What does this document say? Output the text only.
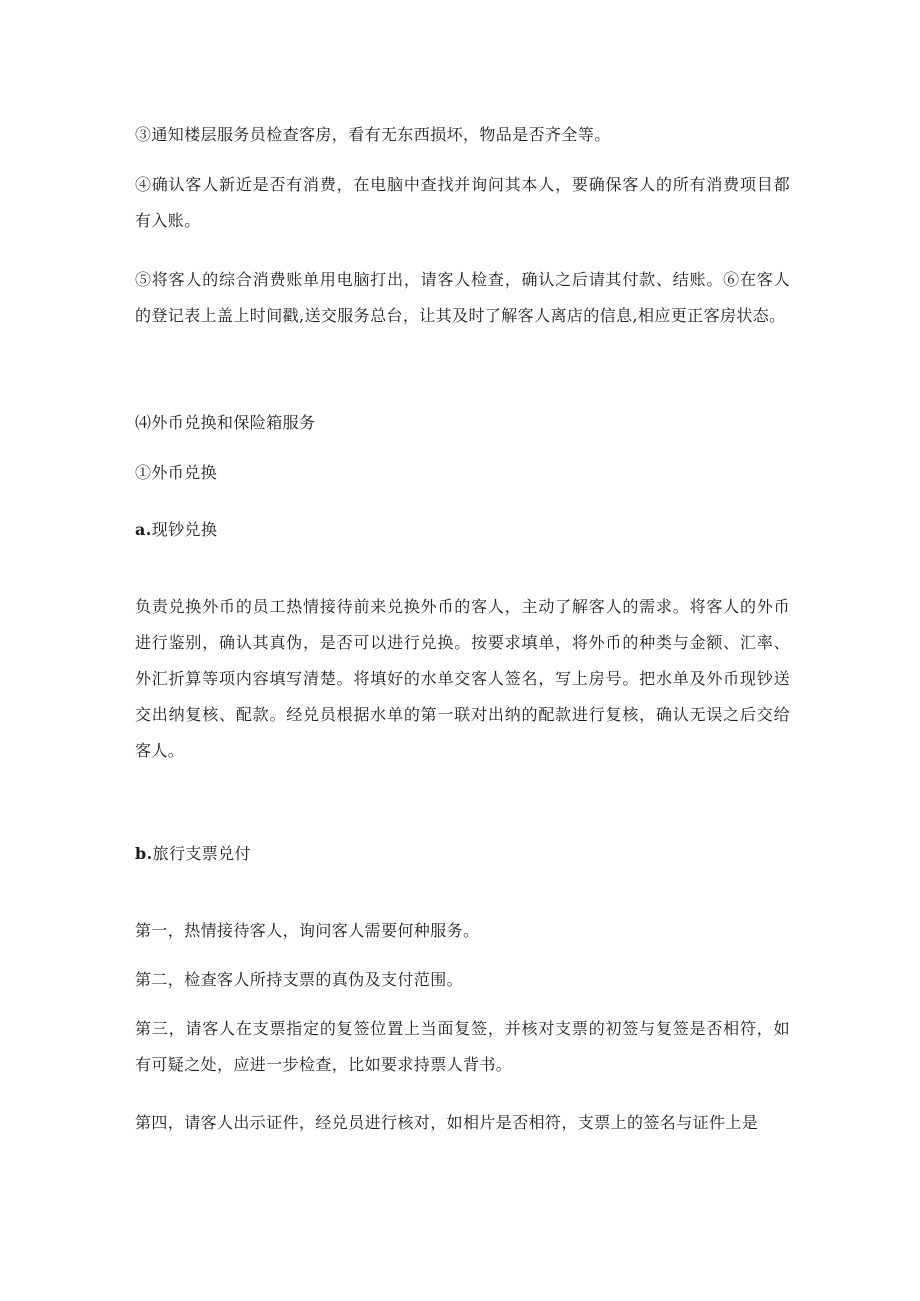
③通知楼层服务员检查客房，看有无东西损坏，物品是否齐全等。

④确认客人新近是否有消费，在电脑中查找并询问其本人，要确保客人的所有消费项目都有入账。

⑤将客人的综合消费账单用电脑打出，请客人检查，确认之后请其付款、结账。⑥在客人的登记表上盖上时间戳,送交服务总台，让其及时了解客人离店的信息,相应更正客房状态。

⑷外币兑换和保险箱服务

①外币兑换

a.现钞兑换

负责兑换外币的员工热情接待前来兑换外币的客人，主动了解客人的需求。将客人的外币进行鉴别，确认其真伪，是否可以进行兑换。按要求填单，将外币的种类与金额、汇率、外汇折算等项内容填写清楚。将填好的水单交客人签名，写上房号。把水单及外币现钞送交出纳复核、配款。经兑员根据水单的第一联对出纳的配款进行复核，确认无误之后交给客人。

b.旅行支票兑付

第一，热情接待客人，询问客人需要何种服务。

第二，检查客人所持支票的真伪及支付范围。

第三，请客人在支票指定的复签位置上当面复签，并核对支票的初签与复签是否相符，如有可疑之处，应进一步检查，比如要求持票人背书。

第四，请客人出示证件，经兑员进行核对，如相片是否相符，支票上的签名与证件上是
